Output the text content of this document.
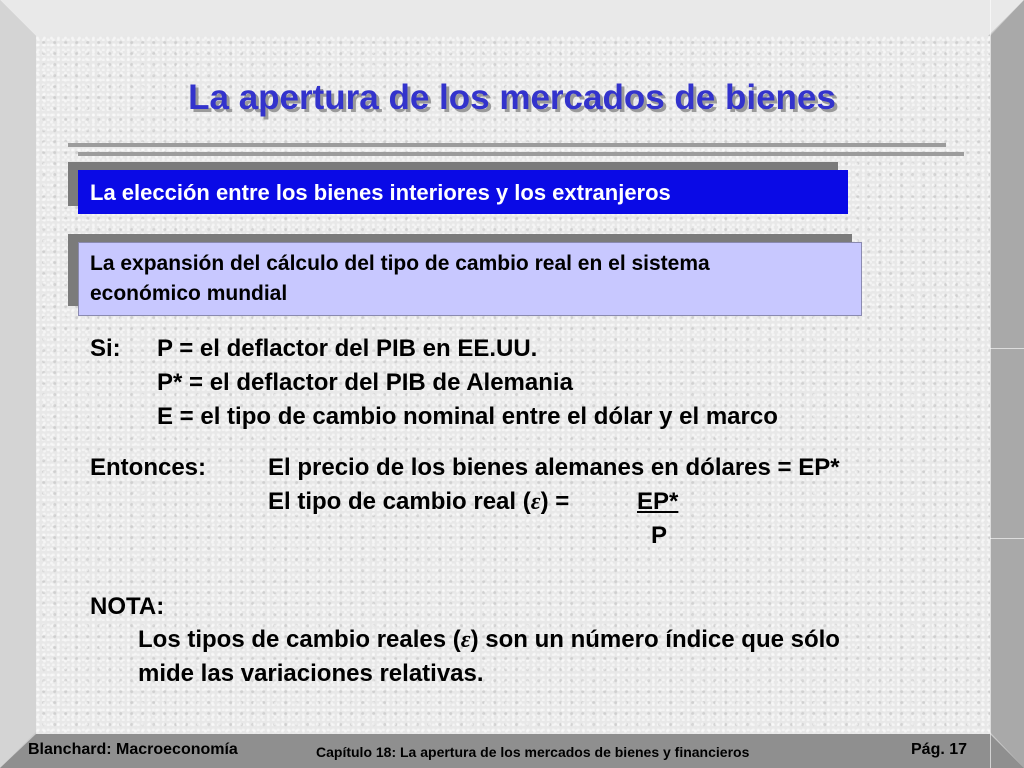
La apertura de los mercados de bienes
La elección entre los bienes interiores y los extranjeros
La expansión del cálculo del tipo de cambio real en el sistema
económico mundial
Si: P = el deflactor del PIB en EE.UU.
P* = el deflactor del PIB de Alemania
E = el tipo de cambio nominal entre el dólar y el marco
Entonces:	El precio de los bienes alemanes en dólares = EP*
El tipo de cambio real (ε) =	EP*
P
NOTA:
Los tipos de cambio reales (ε) son un número índice que sólo
mide las variaciones relativas.
Blanchard: Macroeconomía	Capítulo 18: La apertura de los mercados de bienes y financieros	Pág. 17
